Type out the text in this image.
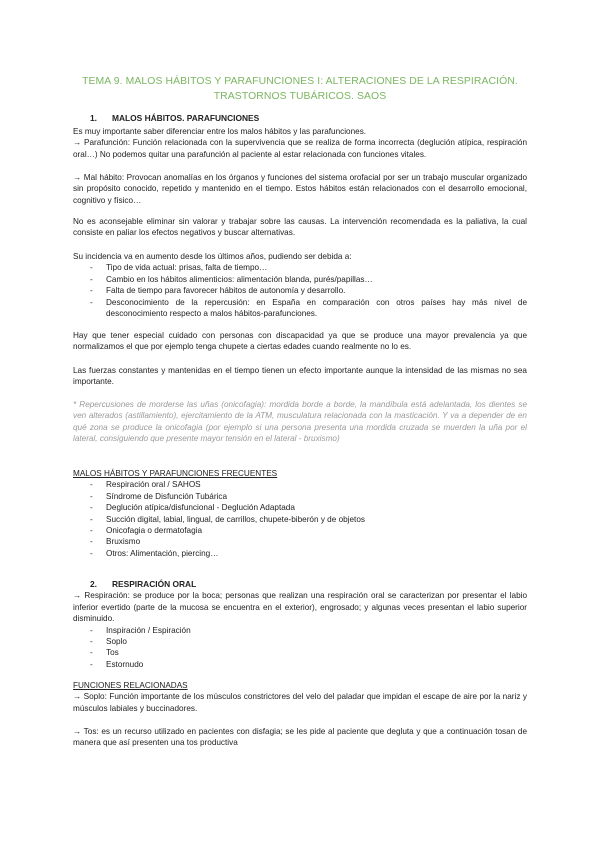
TEMA 9. MALOS HÁBITOS Y PARAFUNCIONES I: ALTERACIONES DE LA RESPIRACIÓN.
TRASTORNOS TUBÁRICOS. SAOS

1. MALOS HÁBITOS. PARAFUNCIONES

Es muy importante saber diferenciar entre los malos hábitos y las parafunciones.

→ Parafunción: Función relacionada con la supervivencia que se realiza de forma incorrecta (deglución atípica, respiración oral…) No podemos quitar una parafunción al paciente al estar relacionada con funciones vitales.

→ Mal hábito: Provocan anomalías en los órganos y funciones del sistema orofacial por ser un trabajo muscular organizado sin propósito conocido, repetido y mantenido en el tiempo. Estos hábitos están relacionados con el desarrollo emocional, cognitivo y físico…

No es aconsejable eliminar sin valorar y trabajar sobre las causas. La intervención recomendada es la paliativa, la cual consiste en paliar los efectos negativos y buscar alternativas.

Su incidencia va en aumento desde los últimos años, pudiendo ser debida a:

- Tipo de vida actual: prisas, falta de tiempo…
- Cambio en los hábitos alimenticios: alimentación blanda, purés/papillas…
- Falta de tiempo para favorecer hábitos de autonomía y desarrollo.
- Desconocimiento de la repercusión: en España en comparación con otros países hay más nivel de desconocimiento respecto a malos hábitos-parafunciones.

Hay que tener especial cuidado con personas con discapacidad ya que se produce una mayor prevalencia ya que normalizamos el que por ejemplo tenga chupete a ciertas edades cuando realmente no lo es.

Las fuerzas constantes y mantenidas en el tiempo tienen un efecto importante aunque la intensidad de las mismas no sea importante.

* Repercusiones de morderse las uñas (onicofagia): mordida borde a borde, la mandíbula está adelantada, los dientes se ven alterados (astillamiento), ejercitamiento de la ATM, musculatura relacionada con la masticación. Y va a depender de en qué zona se produce la onicofagia (por ejemplo si una persona presenta una mordida cruzada se muerden la uña por el lateral, consiguiendo que presente mayor tensión en el lateral - bruxismo)

MALOS HÁBITOS Y PARAFUNCIONES FRECUENTES

- Respiración oral / SAHOS
- Síndrome de Disfunción Tubárica
- Deglución atípica/disfuncional - Deglución Adaptada
- Succión digital, labial, lingual, de carrillos, chupete-biberón y de objetos
- Onicofagia o dermatofagia
- Bruxismo
- Otros: Alimentación, piercing…

2. RESPIRACIÓN ORAL

→ Respiración: se produce por la boca; personas que realizan una respiración oral se caracterizan por presentar el labio inferior evertido (parte de la mucosa se encuentra en el exterior), engrosado; y algunas veces presentan el labio superior disminuido.

- Inspiración / Espiración
- Soplo
- Tos
- Estornudo

FUNCIONES RELACIONADAS

→ Soplo: Función importante de los músculos constrictores del velo del paladar que impidan el escape de aire por la nariz y músculos labiales y buccinadores.

→ Tos: es un recurso utilizado en pacientes con disfagia; se les pide al paciente que degluta y que a continuación tosan de manera que así presenten una tos productiva
